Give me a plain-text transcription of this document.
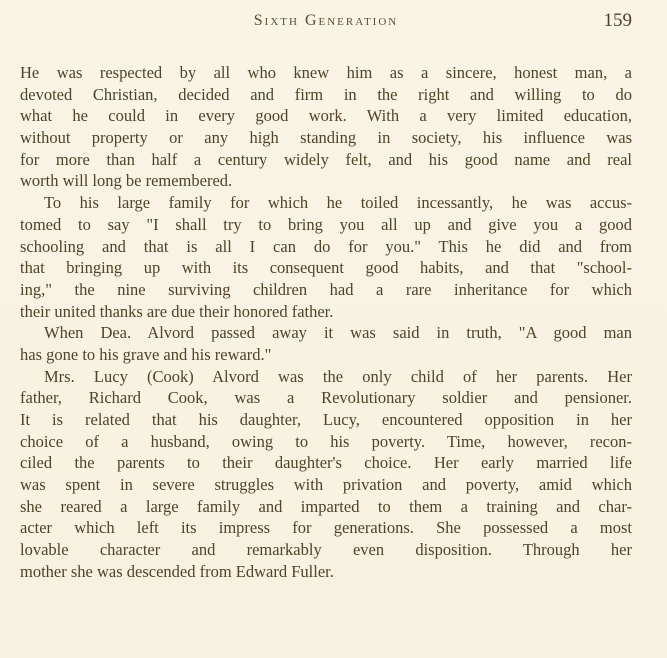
Sixth Generation	159
He was respected by all who knew him as a sincere, honest man, a
devoted Christian, decided and firm in the right and willing to do
what he could in every good work. With a very limited education,
without property or any high standing in society, his influence was
for more than half a century widely felt, and his good name and real
worth will long be remembered.
To his large family for which he toiled incessantly, he was accus-
tomed to say "I shall try to bring you all up and give you a good
schooling and that is all I can do for you." This he did and from
that bringing up with its consequent good habits, and that "school-
ing," the nine surviving children had a rare inheritance for which
their united thanks are due their honored father.
When Dea. Alvord passed away it was said in truth, "A good man
has gone to his grave and his reward."
Mrs. Lucy (Cook) Alvord was the only child of her parents. Her
father, Richard Cook, was a Revolutionary soldier and pensioner.
It is related that his daughter, Lucy, encountered opposition in her
choice of a husband, owing to his poverty. Time, however, recon-
ciled the parents to their daughter's choice. Her early married life
was spent in severe struggles with privation and poverty, amid which
she reared a large family and imparted to them a training and char-
acter which left its impress for generations. She possessed a most
lovable character and remarkably even disposition. Through her
mother she was descended from Edward Fuller.
